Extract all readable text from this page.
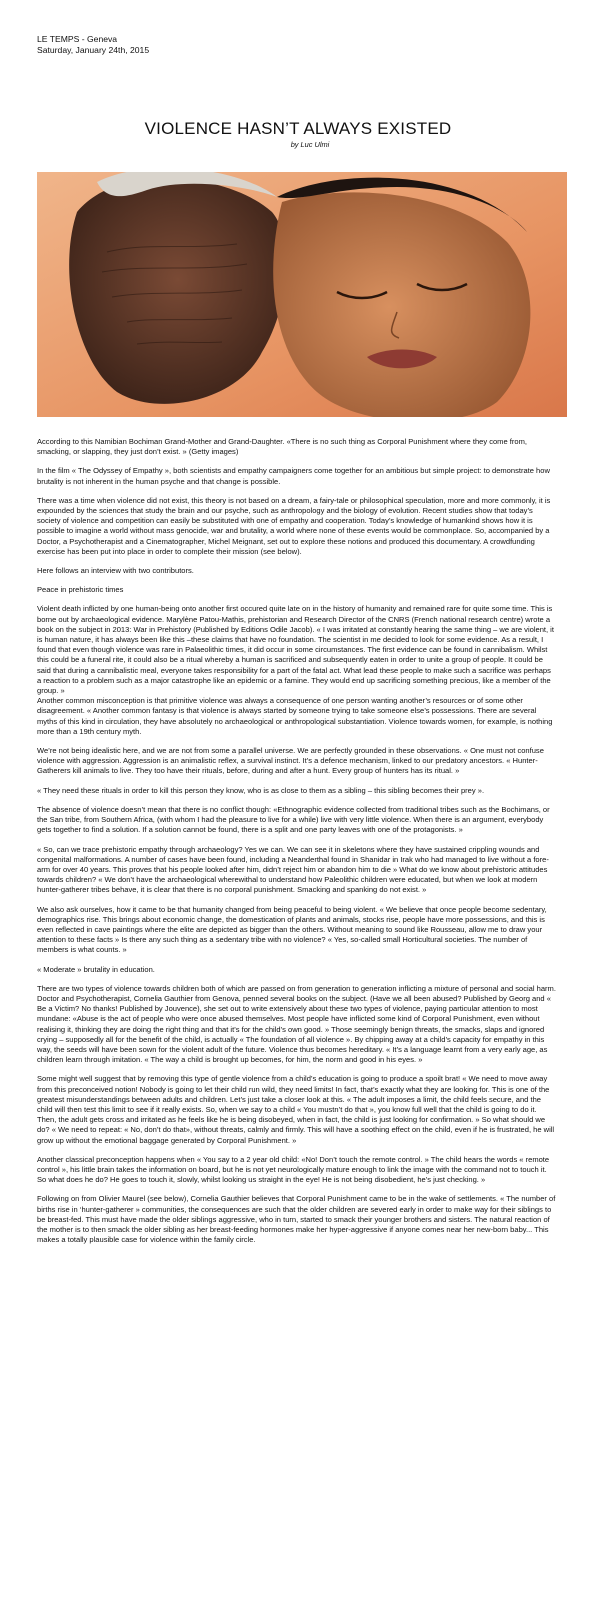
LE TEMPS - Geneva
Saturday, January 24th, 2015
VIOLENCE HASN’T ALWAYS EXISTED
by Luc Ulmi

According to this Namibian Bochiman Grand-Mother and Grand-Daughter. «There is no such thing as Corporal Punishment where they come from, smacking, or slapping, they just don’t exist. » (Getty images)

In the film « The Odyssey of Empathy », both scientists and empathy campaigners come together for an ambitious but simple project: to demonstrate how brutality is not inherent in the human psyche and that change is possible.

There was a time when violence did not exist, this theory is not based on a dream, a fairy-tale or philosophical speculation, more and more commonly, it is expounded by the sciences that study the brain and our psyche, such as anthropology and the biology of evolution. Recent studies show that today’s society of violence and competition can easily be substituted with one of empathy and cooperation. Today’s knowledge of humankind shows how it is possible to imagine a world without mass genocide, war and brutality, a world where none of these events would be commonplace. So, accompanied by a Doctor, a Psychotherapist and a Cinematographer, Michel Meignant, set out to explore these notions and produced this documentary. A crowdfunding exercise has been put into place in order to complete their mission (see below).

Here follows an interview with two contributors.

Peace in prehistoric times

Violent death inflicted by one human-being onto another first occured quite late on in the history of humanity and remained rare for quite some time. This is borne out by archaeological evidence. Marylène Patou-Mathis, prehistorian and Research Director of the CNRS (French national research centre) wrote a book on the subject in 2013: War in Prehistory (Published by Editions Odile Jacob). « I was irritated at constantly hearing the same thing – we are violent, it is human nature, it has always been like this –these claims that have no foundation. The scientist in me decided to look for some evidence. As a result, I found that even though violence was rare in Palaeolithic times, it did occur in some circumstances. The first evidence can be found in cannibalism. Whilst this could be a funeral rite, it could also be a ritual whereby a human is sacrificed and subsequently eaten in order to unite a group of people. It could be said that during a cannibalistic meal, everyone takes responsibility for a part of the fatal act. What lead these people to make such a sacrifice was perhaps a reaction to a problem such as a major catastrophe like an epidemic or a famine. They would end up sacrificing something precious, like a member of the group. »

Another common misconception is that primitive violence was always a consequence of one person wanting another’s resources or of some other disagreement. « Another common fantasy is that violence is always started by someone trying to take someone else’s possessions. There are several myths of this kind in circulation, they have absolutely no archaeological or anthropological substantiation. Violence towards women, for example, is nothing more than a 19th century myth.

We’re not being idealistic here, and we are not from some a parallel universe. We are perfectly grounded in these observations. « One must not confuse violence with aggression. Aggression is an animalistic reflex, a survival instinct. It’s a defence mechanism, linked to our predatory ancestors. « Hunter-Gatherers kill animals to live. They too have their rituals, before, during and after a hunt. Every group of hunters has its ritual. »

« They need these rituals in order to kill this person they know, who is as close to them as a sibling – this sibling becomes their prey ».

The absence of violence doesn’t mean that there is no conflict though: «Ethnographic evidence collected from traditional tribes such as the Bochimans, or the San tribe, from Southern Africa, (with whom I had the pleasure to live for a while) live with very little violence. When there is an argument, everybody gets together to find a solution. If a solution cannot be found, there is a split and one party leaves with one of the protagonists. »

« So, can we trace prehistoric empathy through archaeology? Yes we can. We can see it in skeletons where they have sustained crippling wounds and congenital malformations. A number of cases have been found, including a Neanderthal found in Shanidar in Irak who had managed to live without a fore-arm for over 40 years. This proves that his people looked after him, didn’t reject him or abandon him to die » What do we know about prehistoric attitudes towards children? « We don’t have the archaeological wherewithal to understand how Paleolithic children were educated, but when we look at modern hunter-gatherer tribes behave, it is clear that there is no corporal punishment. Smacking and spanking do not exist. »

We also ask ourselves, how it came to be that humanity changed from being peaceful to being violent. « We believe that once people become sedentary, demographics rise. This brings about economic change, the domestication of plants and animals, stocks rise, people have more possessions, and this is even reflected in cave paintings where the elite are depicted as bigger than the others. Without meaning to sound like Rousseau, allow me to draw your attention to these facts » Is there any such thing as a sedentary tribe with no violence? « Yes, so-called small Horticultural societies. The number of members is what counts. »

« Moderate » brutality in education.

There are two types of violence towards children both of which are passed on from generation to generation inflicting a mixture of personal and social harm. Doctor and Psychotherapist, Cornelia Gauthier from Genova, penned several books on the subject. (Have we all been abused? Published by Georg and « Be a Victim? No thanks! Published by Jouvence), she set out to write extensively about these two types of violence, paying particular attention to most mundane: «Abuse is the act of people who were once abused themselves. Most people have inflicted some kind of Corporal Punishment, even without realising it, thinking they are doing the right thing and that it’s for the child’s own good. » Those seemingly benign threats, the smacks, slaps and ignored crying – supposedly all for the benefit of the child, is actually « The foundation of all violence ». By chipping away at a child’s capacity for empathy in this way, the seeds will have been sown for the violent adult of the future. Violence thus becomes hereditary. « It’s a language learnt from a very early age, as children learn through imitation. « The way a child is brought up becomes, for him, the norm and good in his eyes. »

Some might well suggest that by removing this type of gentle violence from a child’s education is going to produce a spoilt brat! « We need to move away from this preconceived notion! Nobody is going to let their child run wild, they need limits! In fact, that’s exactly what they are looking for. This is one of the greatest misunderstandings between adults and children. Let’s just take a closer look at this. « The adult imposes a limit, the child feels secure, and the child will then test this limit to see if it really exists. So, when we say to a child « You mustn’t do that », you know full well that the child is going to do it. Then, the adult gets cross and irritated as he feels like he is being disobeyed, when in fact, the child is just looking for confirmation. » So what should we do? « We need to repeat: « No, don’t do that», without threats, calmly and firmly. This will have a soothing effect on the child, even if he is frustrated, he will grow up without the emotional baggage generated by Corporal Punishment. »

Another classical preconception happens when « You say to a 2 year old child: «No! Don’t touch the remote control. » The child hears the words « remote control », his little brain takes the information on board, but he is not yet neurologically mature enough to link the image with the command not to touch it. So what does he do? He goes to touch it, slowly, whilst looking us straight in the eye! He is not being disobedient, he’s just checking. »

Following on from Olivier Maurel (see below), Cornelia Gauthier believes that Corporal Punishment came to be in the wake of settlements. « The number of births rise in ‘hunter-gatherer » communities, the consequences are such that the older children are severed early in order to make way for their siblings to be breast-fed. This must have made the older siblings aggressive, who in turn, started to smack their younger brothers and sisters. The natural reaction of the mother is to then smack the older sibling as her breast-feeding hormones make her hyper-aggressive if anyone comes near her new-born baby... This makes a totally plausible case for violence within the family circle.
